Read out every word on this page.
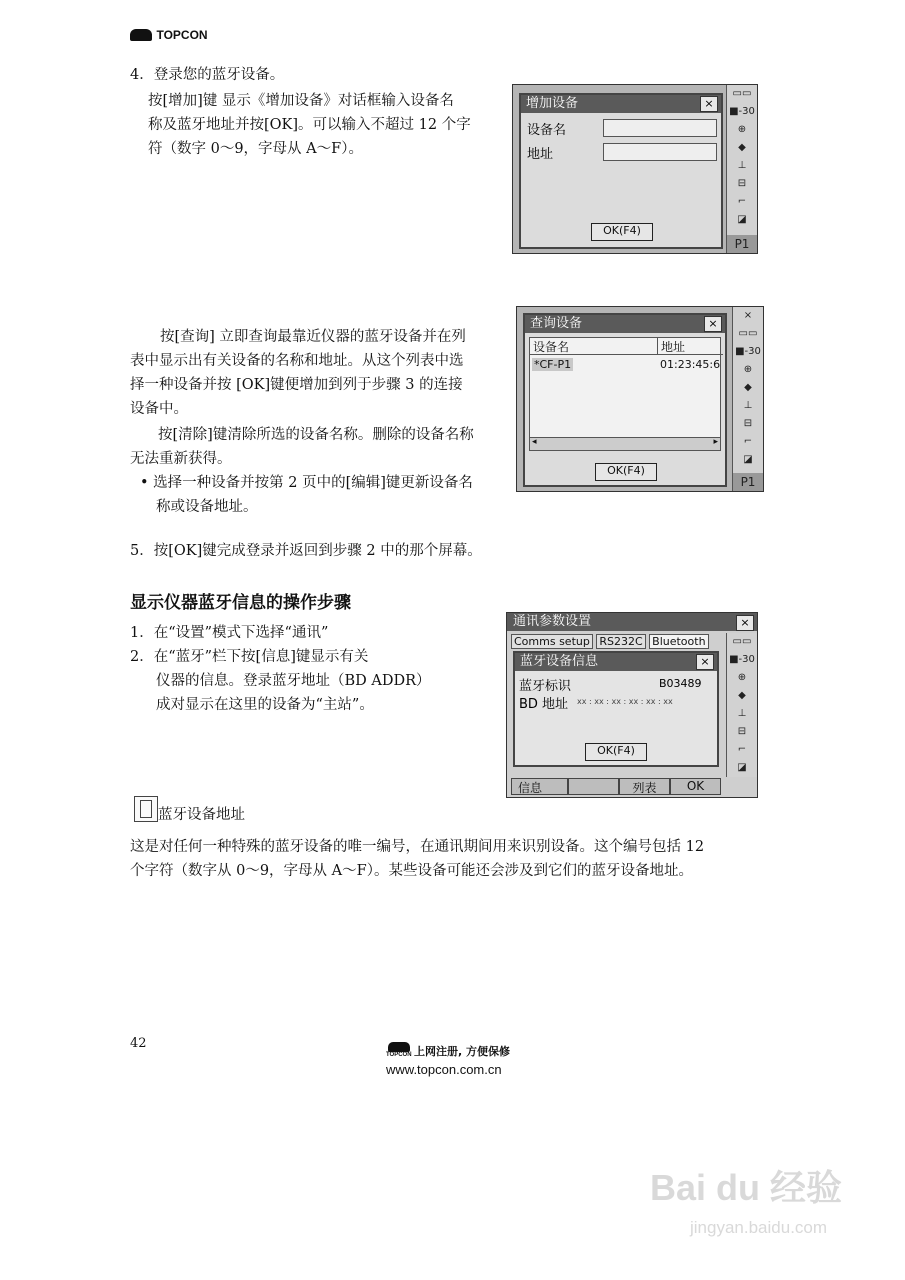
TOPCON
4．登录您的蓝牙设备。
按[增加]键 显示《增加设备》对话框输入设备名
称及蓝牙地址并按[OK]。可以输入不超过 12 个字
符（数字 0～9，字母从 A～F）。
▭▭
■-30
⊕
◆
⊥
⊟
⌐
◪
P1
增加设备	×
设备名
地址
OK(F4)
按[查询] 立即查询最靠近仪器的蓝牙设备并在列
表中显示出有关设备的名称和地址。从这个列表中选
择一种设备并按 [OK]键便增加到列于步骤 3 的连接
设备中。
按[清除]键清除所选的设备名称。删除的设备名称
无法重新获得。
• 选择一种设备并按第 2 页中的[编辑]键更新设备名
称或设备地址。
×
▭▭
■-30
⊕
◆
⊥
⊟
⌐
◪
P1
查询设备	×
设备名	地址
*CF-P1	01:23:45:6
◂	▸
OK(F4)
5．按[OK]键完成登录并返回到步骤 2 中的那个屏幕。
显示仪器蓝牙信息的操作步骤
1．在“设置”模式下选择“通讯”
2．在“蓝牙”栏下按[信息]键显示有关
仪器的信息。登录蓝牙地址（BD ADDR）
成对显示在这里的设备为“主站”。
通讯参数设置	×
▭▭
■-30
⊕
◆
⊥
⊟
⌐
◪
Comms setup RS232C Bluetooth
蓝牙设备信息	×
蓝牙标识	B03489
BD 地址 xx : xx : xx : xx : xx : xx
OK(F4)
信息	列表	OK
蓝牙设备地址
这是对任何一种特殊的蓝牙设备的唯一编号，在通讯期间用来识别设备。这个编号包括 12
个字符（数字从 0～9，字母从 A～F）。某些设备可能还会涉及到它们的蓝牙设备地址。
42
TOPCON 上网注册, 方便保修
www.topcon.com.cn
Bai du 经验
jingyan.baidu.com
